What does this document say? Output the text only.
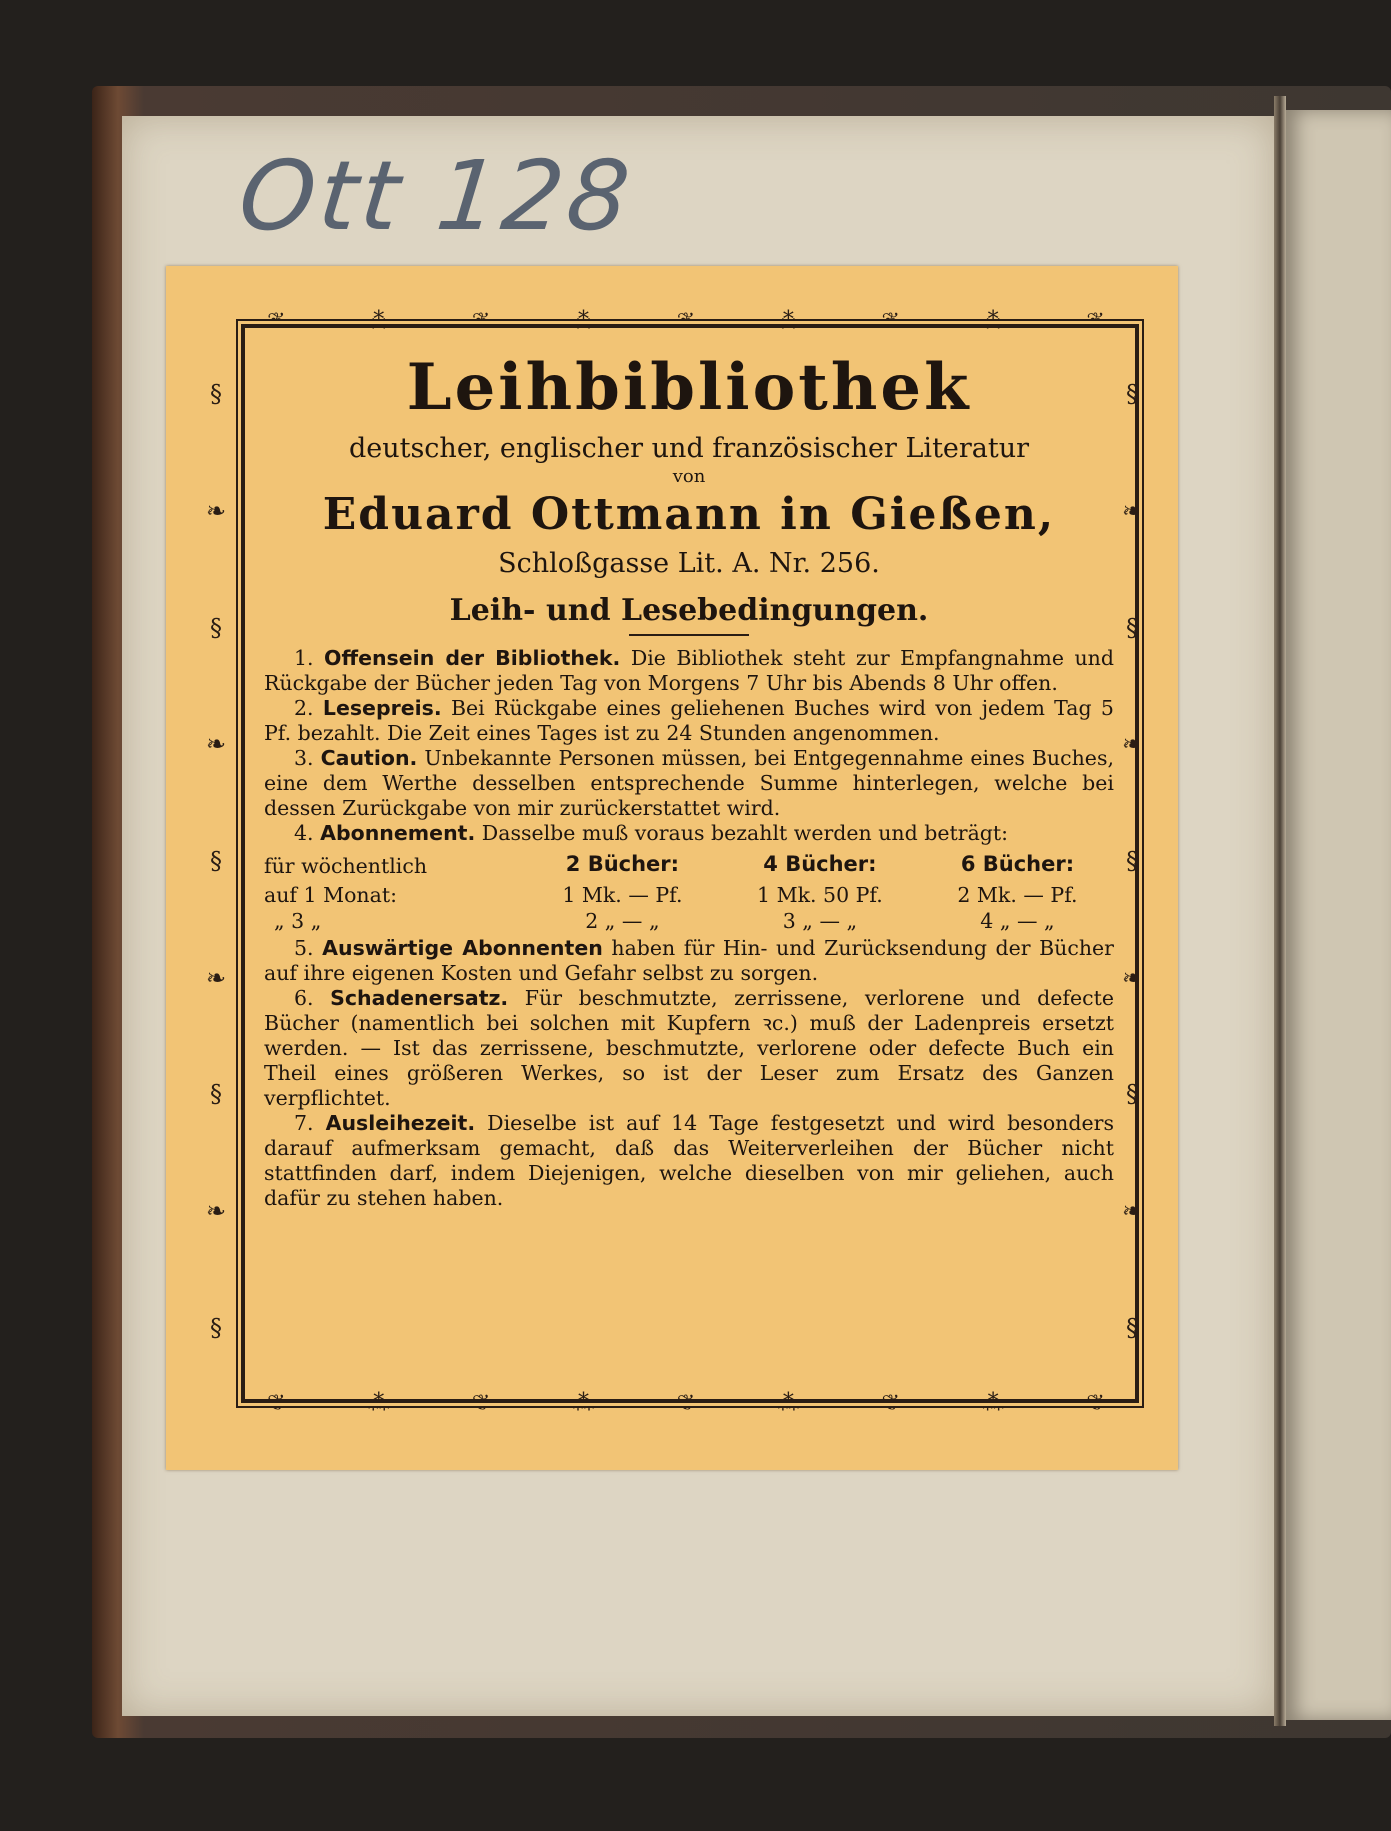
Ott 128
❦	⁂	❦	⁂	❦	⁂	❦	⁂	❦
❦	⁂	❦	⁂	❦	⁂	❦	⁂	❦
§
❧
§
❧
§
❧
§
❧
§
§
❧
§
❧
§
❧
§
❧
§
Leihbibliothek
deutscher, englischer und französischer Literatur
von
Eduard Ottmann in Gießen,
Schloßgasse Lit. A. Nr. 256.
Leih- und Lesebedingungen.

1. Offensein der Bibliothek. Die Bibliothek steht zur Empfangnahme und Rückgabe der Bücher jeden Tag von Morgens 7 Uhr bis Abends 8 Uhr offen.

2. Lesepreis. Bei Rückgabe eines geliehenen Buches wird von jedem Tag 5 Pf. bezahlt. Die Zeit eines Tages ist zu 24 Stunden angenommen.

3. Caution. Unbekannte Personen müssen, bei Entgegennahme eines Buches, eine dem Werthe desselben entsprechende Summe hinterlegen, welche bei dessen Zurückgabe von mir zurückerstattet wird.

4. Abonnement. Dasselbe muß voraus bezahlt werden und beträgt:

für wöchentlich	2 Bücher:	4 Bücher:	6 Bücher:
auf 1 Monat:	1 Mk. — Pf.	1 Mk. 50 Pf.	2 Mk. — Pf.
„ 3 „	2 „ — „	3 „ — „	4 „ — „

5. Auswärtige Abonnenten haben für Hin- und Zurücksendung der Bücher auf ihre eigenen Kosten und Gefahr selbst zu sorgen.

6. Schadenersatz. Für beschmutzte, zerrissene, verlorene und defecte Bücher (namentlich bei solchen mit Kupfern ꝛc.) muß der Ladenpreis ersetzt werden. — Ist das zerrissene, beschmutzte, verlorene oder defecte Buch ein Theil eines größeren Werkes, so ist der Leser zum Ersatz des Ganzen verpflichtet.

7. Ausleihezeit. Dieselbe ist auf 14 Tage festgesetzt und wird besonders darauf aufmerksam gemacht, daß das Weiterverleihen der Bücher nicht stattfinden darf, indem Diejenigen, welche dieselben von mir geliehen, auch dafür zu stehen haben.
